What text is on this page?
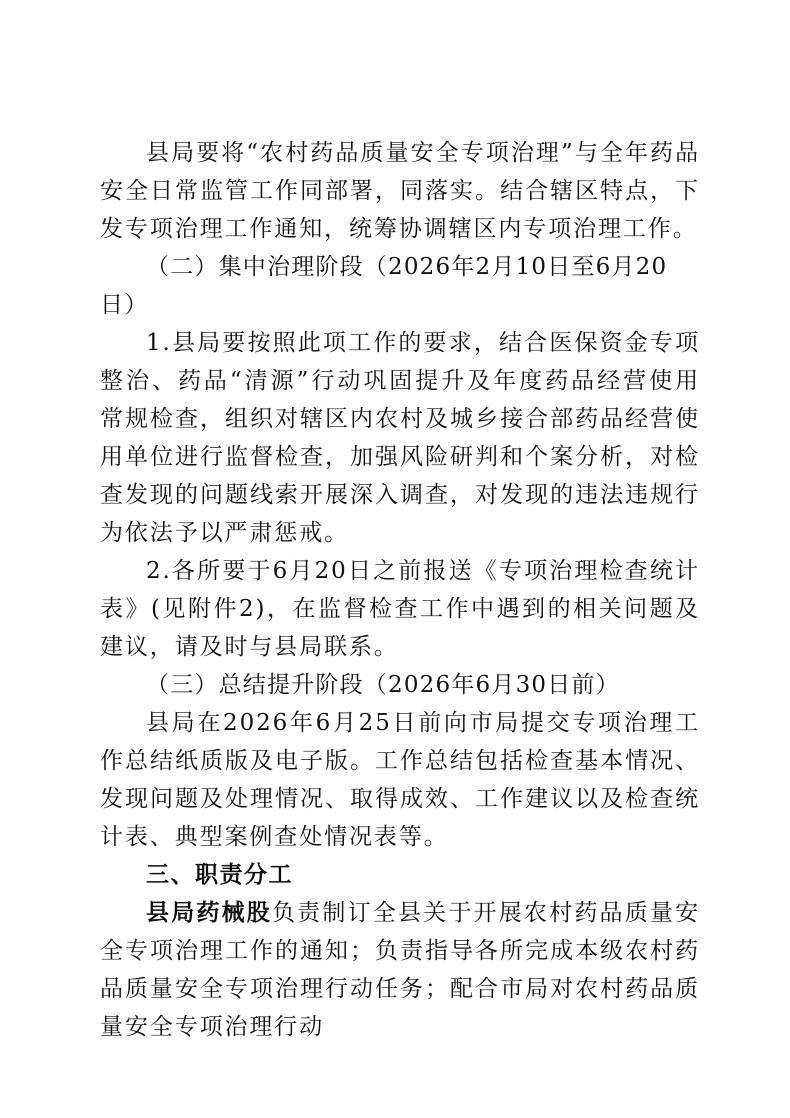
县局要将“农村药品质量安全专项治理”与全年药品安全日常监管工作同部署，同落实。结合辖区特点，下发专项治理工作通知，统筹协调辖区内专项治理工作。

（二）集中治理阶段（2026年2月10日至6月20日）

1.县局要按照此项工作的要求，结合医保资金专项整治、药品“清源”行动巩固提升及年度药品经营使用常规检查，组织对辖区内农村及城乡接合部药品经营使用单位进行监督检查，加强风险研判和个案分析，对检查发现的问题线索开展深入调查，对发现的违法违规行为依法予以严肃惩戒。

2.各所要于6月20日之前报送《专项治理检查统计表》(见附件2)，在监督检查工作中遇到的相关问题及建议，请及时与县局联系。

（三）总结提升阶段（2026年6月30日前）

县局在2026年6月25日前向市局提交专项治理工作总结纸质版及电子版。工作总结包括检查基本情况、发现问题及处理情况、取得成效、工作建议以及检查统计表、典型案例查处情况表等。

三、职责分工

县局药械股负责制订全县关于开展农村药品质量安全专项治理工作的通知；负责指导各所完成本级农村药品质量安全专项治理行动任务；配合市局对农村药品质量安全专项治理行动
